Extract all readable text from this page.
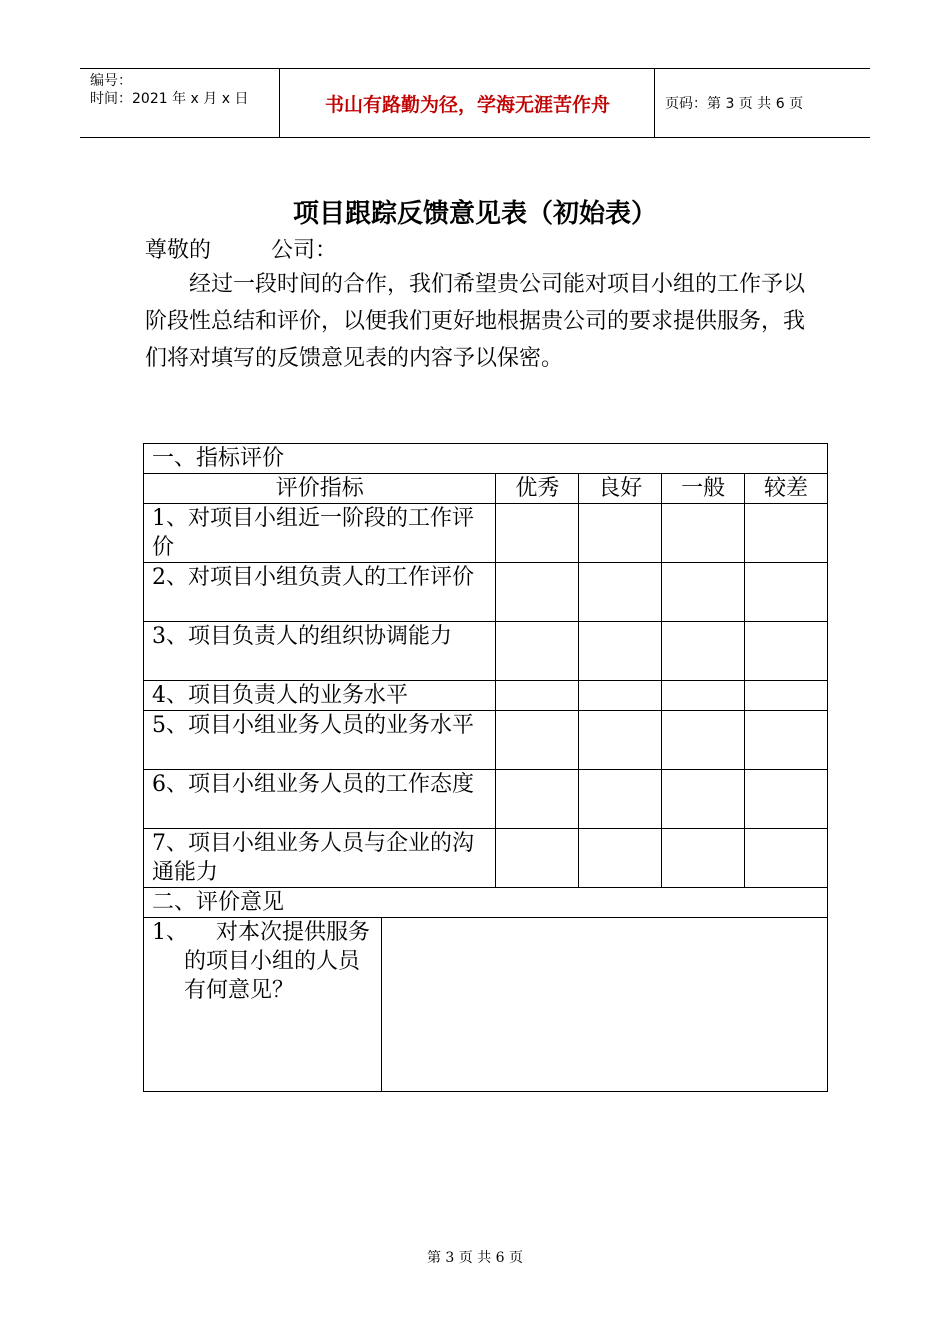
编号：
时间：2021 年 x 月 x 日	书山有路勤为径，学海无涯苦作舟	页码：第 3 页 共 6 页
项目跟踪反馈意见表（初始表）
尊敬的	公司：
经过一段时间的合作，我们希望贵公司能对项目小组的工作予以阶段性总结和评价，以便我们更好地根据贵公司的要求提供服务，我们将对填写的反馈意见表的内容予以保密。
一、指标评价					
评价指标		优秀	良好	一般	较差
1、对项目小组近一阶段的工作评价					
2、对项目小组负责人的工作评价					
3、项目负责人的组织协调能力					
4、项目负责人的业务水平					
5、项目小组业务人员的业务水平					
6、项目小组业务人员的工作态度					
7、项目小组业务人员与企业的沟通能力					
二、评价意见					

1、 对本次提供服务的项目小组的人员有何意见？					

第 3 页 共 6 页
